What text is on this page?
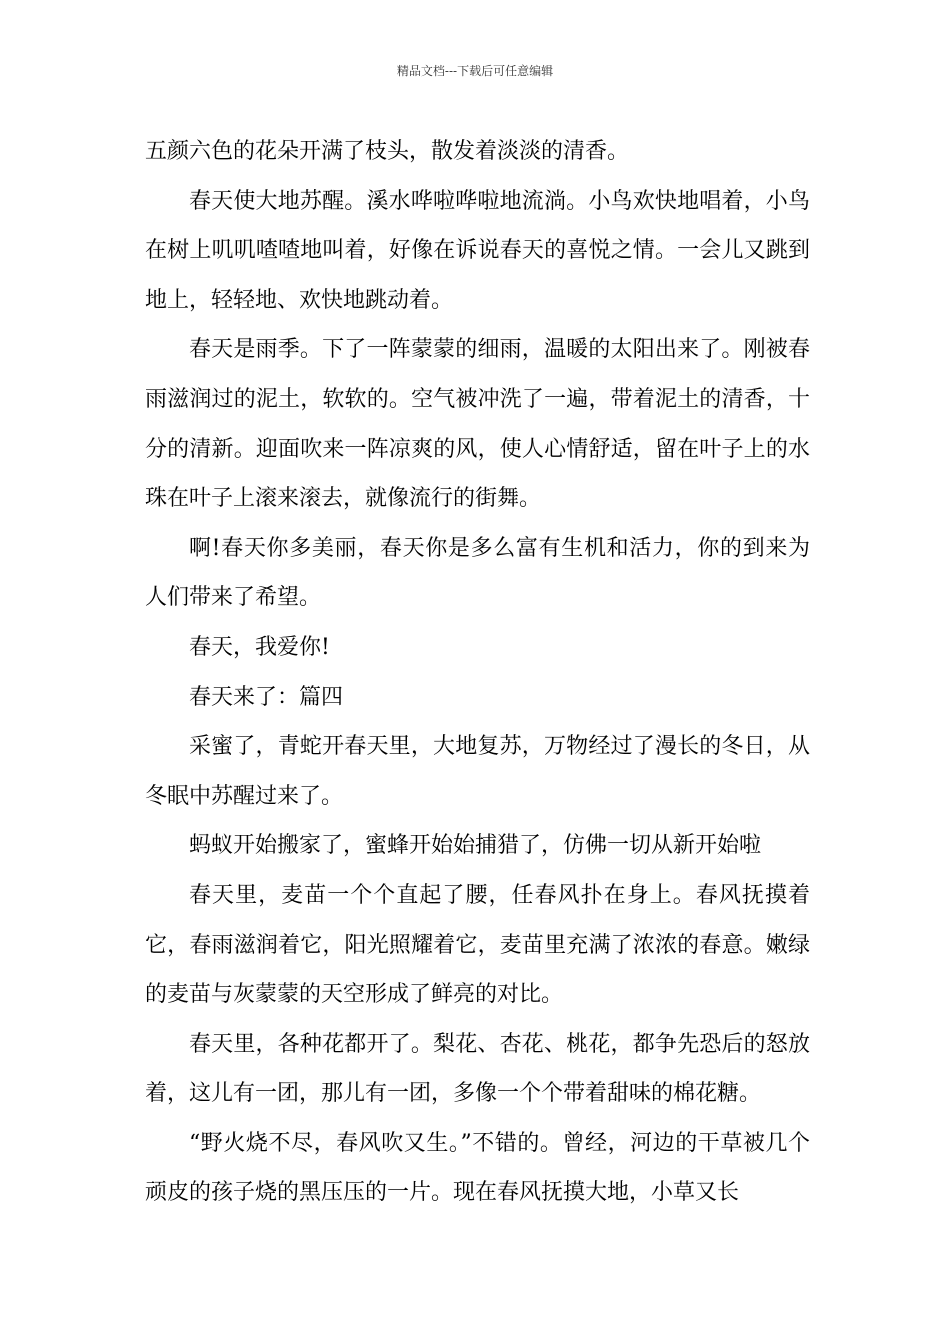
精品文档---下载后可任意编辑

五颜六色的花朵开满了枝头，散发着淡淡的清香。

春天使大地苏醒。溪水哗啦哗啦地流淌。小鸟欢快地唱着，小鸟在树上叽叽喳喳地叫着，好像在诉说春天的喜悦之情。一会儿又跳到地上，轻轻地、欢快地跳动着。

春天是雨季。下了一阵蒙蒙的细雨，温暖的太阳出来了。刚被春雨滋润过的泥土，软软的。空气被冲洗了一遍，带着泥土的清香，十分的清新。迎面吹来一阵凉爽的风，使人心情舒适，留在叶子上的水珠在叶子上滚来滚去，就像流行的街舞。

啊!春天你多美丽，春天你是多么富有生机和活力，你的到来为人们带来了希望。

春天，我爱你!

春天来了：篇四

采蜜了，青蛇开春天里，大地复苏，万物经过了漫长的冬日，从冬眠中苏醒过来了。

蚂蚁开始搬家了，蜜蜂开始始捕猎了，仿佛一切从新开始啦

春天里，麦苗一个个直起了腰，任春风扑在身上。春风抚摸着它，春雨滋润着它，阳光照耀着它，麦苗里充满了浓浓的春意。嫩绿的麦苗与灰蒙蒙的天空形成了鲜亮的对比。

春天里，各种花都开了。梨花、杏花、桃花，都争先恐后的怒放着，这儿有一团，那儿有一团，多像一个个带着甜味的棉花糖。

“野火烧不尽，春风吹又生。”不错的。曾经，河边的干草被几个顽皮的孩子烧的黑压压的一片。现在春风抚摸大地，小草又长
